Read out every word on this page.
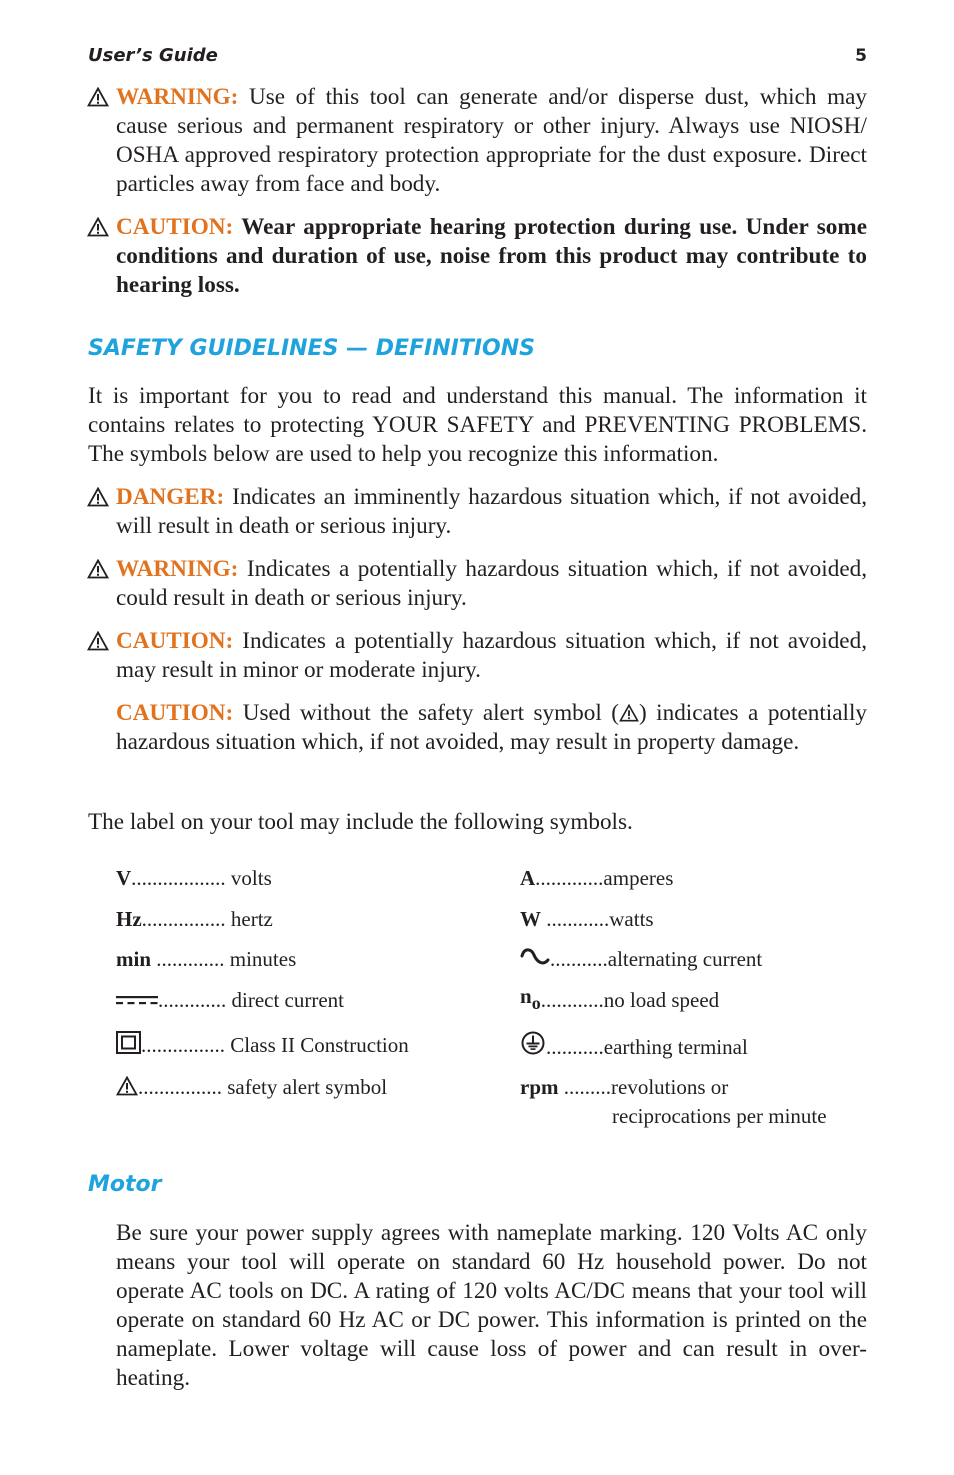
User’s Guide	5
WARNING: Use of this tool can generate and/or disperse dust, which may cause serious and permanent respiratory or other injury. Always use NIOSH/ OSHA approved respiratory protection appropriate for the dust exposure. Direct particles away from face and body.
CAUTION: Wear appropriate hearing protection during use. Under some conditions and duration of use, noise from this product may contribute to hearing loss.
SAFETY GUIDELINES — DEFINITIONS
It is important for you to read and understand this manual. The information it contains relates to protecting YOUR SAFETY and PREVENTING PROBLEMS. The symbols below are used to help you recognize this information.
DANGER: Indicates an imminently hazardous situation which, if not avoided, will result in death or serious injury.
WARNING: Indicates a potentially hazardous situation which, if not avoided, could result in death or serious injury.
CAUTION: Indicates a potentially hazardous situation which, if not avoided, may result in minor or moderate injury.
CAUTION: Used without the safety alert symbol ( ) indicates a potentially hazardous situation which, if not avoided, may result in property damage.
The label on your tool may include the following symbols.
V.................. volts
Hz................ hertz
min ............. minutes
............. direct current
................ Class II Construction
................ safety alert symbol
A.............amperes
W ............watts
...........alternating current
no............no load speed
...........earthing terminal
rpm .........revolutions or
reciprocations per minute
Motor
Be sure your power supply agrees with nameplate marking. 120 Volts AC only means your tool will operate on standard 60 Hz household power. Do not operate AC tools on DC. A rating of 120 volts AC/DC means that your tool will operate on standard 60 Hz AC or DC power. This information is printed on the nameplate. Lower voltage will cause loss of power and can result in over-heating.
